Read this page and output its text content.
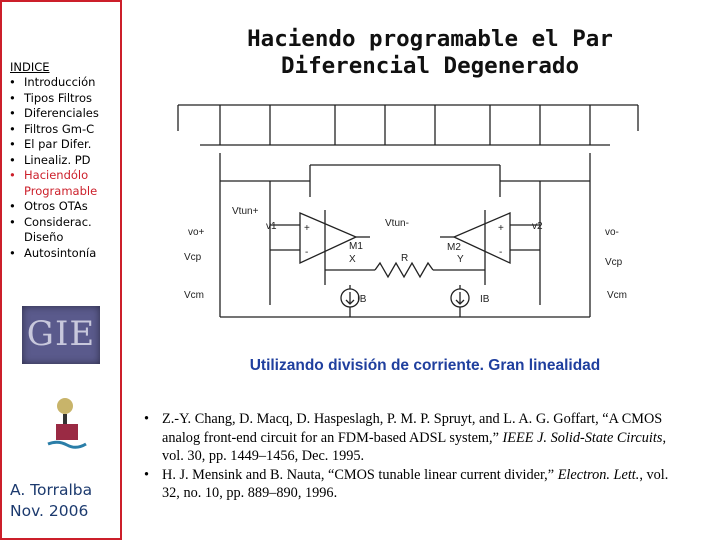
INDICE
• Introducción
• Tipos Filtros
• Diferenciales
• Filtros Gm-C
• El par Difer.
• Linealiz. PD
• Haciendólo Programable
• Otros OTAs
• Considerac. Diseño
• Autosintonía
GIE
A. Torralba
Nov. 2006
Haciendo programable el Par
Diferencial Degenerado
Vtun+
Vtun-
vo+	vo-
v1	v2
Vcp	Vcp
Vcm	Vcm
M1	M2
X	Y
R
IB	IB
+
-
+
-
Utilizando división de corriente. Gran linealidad
• Z.-Y. Chang, D. Macq, D. Haspeslagh, P. M. P. Spruyt, and L. A. G. Goffart, “A CMOS analog front-end circuit for an FDM-based ADSL system,” IEEE J. Solid-State Circuits, vol. 30, pp. 1449–1456, Dec. 1995.
• H. J. Mensink and B. Nauta, “CMOS tunable linear current divider,” Electron. Lett., vol. 32, no. 10, pp. 889–890, 1996.
